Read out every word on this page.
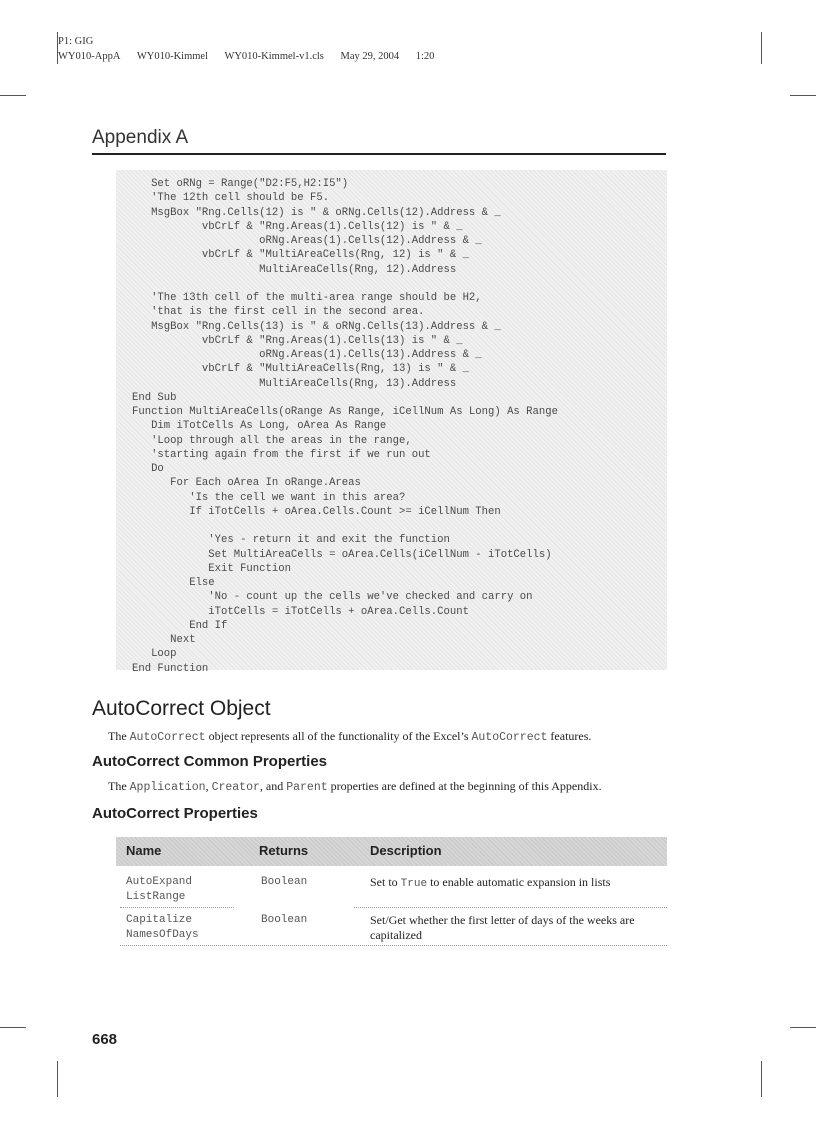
P1: GIG
WY010-AppA WY010-Kimmel WY010-Kimmel-v1.cls May 29, 2004 1:20
Appendix A
Set oRNg = Range("D2:F5,H2:I5")
'The 12th cell should be F5.
MsgBox "Rng.Cells(12) is " & oRNg.Cells(12).Address & _
vbCrLf & "Rng.Areas(1).Cells(12) is " & _
oRNg.Areas(1).Cells(12).Address & _
vbCrLf & "MultiAreaCells(Rng, 12) is " & _
MultiAreaCells(Rng, 12).Address
'The 13th cell of the multi-area range should be H2,
'that is the first cell in the second area.
MsgBox "Rng.Cells(13) is " & oRNg.Cells(13).Address & _
vbCrLf & "Rng.Areas(1).Cells(13) is " & _
oRNg.Areas(1).Cells(13).Address & _
vbCrLf & "MultiAreaCells(Rng, 13) is " & _
MultiAreaCells(Rng, 13).Address
End Sub
Function MultiAreaCells(oRange As Range, iCellNum As Long) As Range
Dim iTotCells As Long, oArea As Range
'Loop through all the areas in the range,
'starting again from the first if we run out
Do
For Each oArea In oRange.Areas
'Is the cell we want in this area?
If iTotCells + oArea.Cells.Count >= iCellNum Then
'Yes - return it and exit the function
Set MultiAreaCells = oArea.Cells(iCellNum - iTotCells)
Exit Function
Else
'No - count up the cells we've checked and carry on
iTotCells = iTotCells + oArea.Cells.Count
End If
Next
Loop
End Function
AutoCorrect Object
The AutoCorrect object represents all of the functionality of the Excel’s AutoCorrect features.
AutoCorrect Common Properties
The Application, Creator, and Parent properties are defined at the beginning of this Appendix.
AutoCorrect Properties
Name	Returns	Description
AutoExpand
ListRange
Boolean	Set to True to enable automatic expansion in lists
Capitalize
NamesOfDays
Boolean	Set/Get whether the first letter of days of the weeks are capitalized
668
